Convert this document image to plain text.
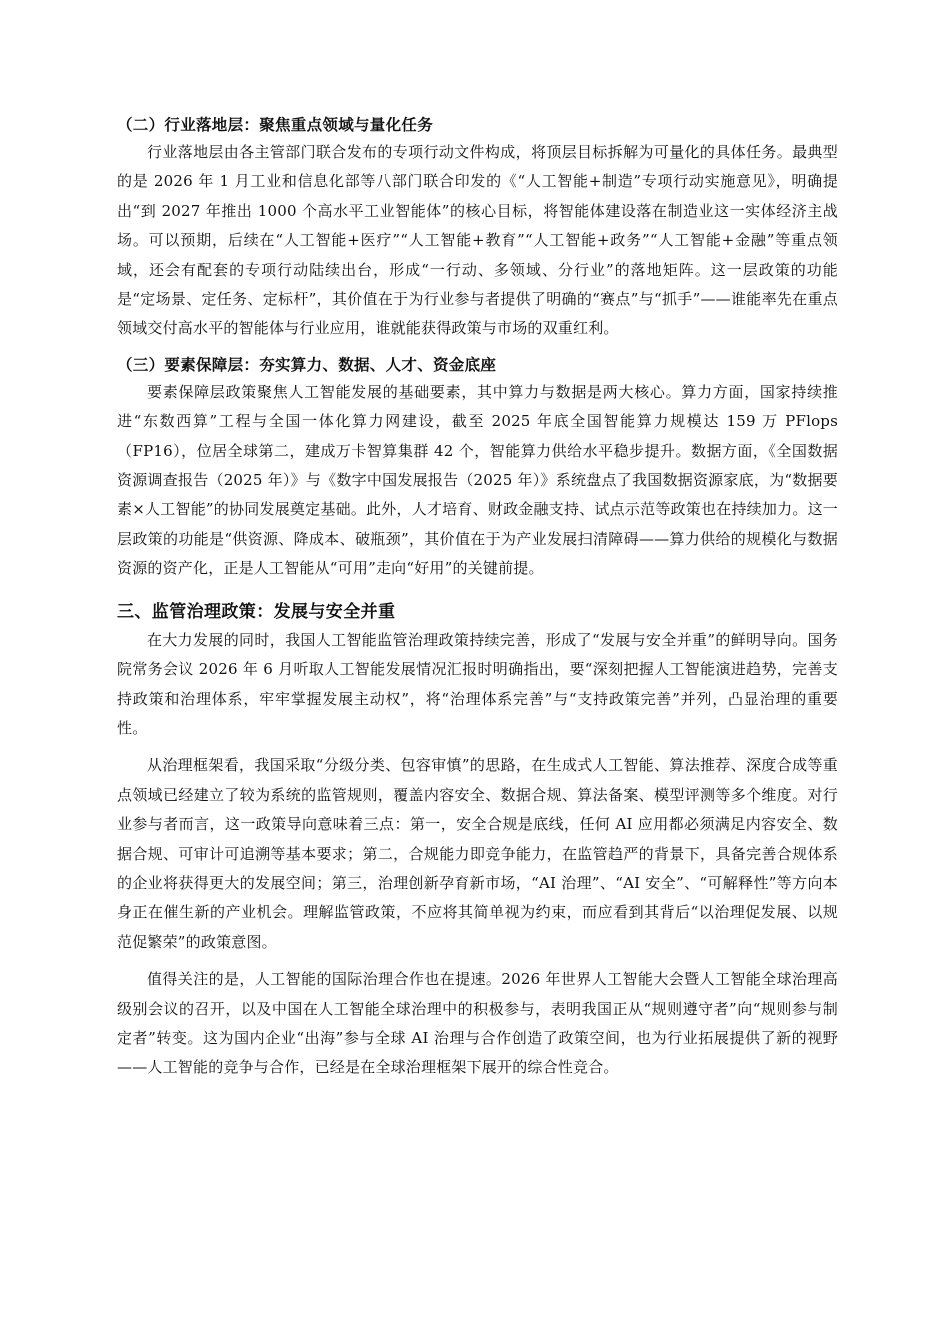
（二）行业落地层：聚焦重点领域与量化任务

行业落地层由各主管部门联合发布的专项行动文件构成，将顶层目标拆解为可量化的具体任务。最典型的是 2026 年 1 月工业和信息化部等八部门联合印发的《“人工智能+制造”专项行动实施意见》，明确提出“到 2027 年推出 1000 个高水平工业智能体”的核心目标，将智能体建设落在制造业这一实体经济主战场。可以预期，后续在“人工智能+医疗”“人工智能+教育”“人工智能+政务”“人工智能+金融”等重点领域，还会有配套的专项行动陆续出台，形成“一行动、多领域、分行业”的落地矩阵。这一层政策的功能是“定场景、定任务、定标杆”，其价值在于为行业参与者提供了明确的“赛点”与“抓手”——谁能率先在重点领域交付高水平的智能体与行业应用，谁就能获得政策与市场的双重红利。

（三）要素保障层：夯实算力、数据、人才、资金底座

要素保障层政策聚焦人工智能发展的基础要素，其中算力与数据是两大核心。算力方面，国家持续推进“东数西算”工程与全国一体化算力网建设，截至 2025 年底全国智能算力规模达 159 万 PFlops（FP16），位居全球第二，建成万卡智算集群 42 个，智能算力供给水平稳步提升。数据方面，《全国数据资源调查报告（2025 年）》与《数字中国发展报告（2025 年）》系统盘点了我国数据资源家底，为“数据要素×人工智能”的协同发展奠定基础。此外，人才培育、财政金融支持、试点示范等政策也在持续加力。这一层政策的功能是“供资源、降成本、破瓶颈”，其价值在于为产业发展扫清障碍——算力供给的规模化与数据资源的资产化，正是人工智能从“可用”走向“好用”的关键前提。

三、监管治理政策：发展与安全并重

在大力发展的同时，我国人工智能监管治理政策持续完善，形成了“发展与安全并重”的鲜明导向。国务院常务会议 2026 年 6 月听取人工智能发展情况汇报时明确指出，要“深刻把握人工智能演进趋势，完善支持政策和治理体系，牢牢掌握发展主动权”，将“治理体系完善”与“支持政策完善”并列，凸显治理的重要性。

从治理框架看，我国采取“分级分类、包容审慎”的思路，在生成式人工智能、算法推荐、深度合成等重点领域已经建立了较为系统的监管规则，覆盖内容安全、数据合规、算法备案、模型评测等多个维度。对行业参与者而言，这一政策导向意味着三点：第一，安全合规是底线，任何 AI 应用都必须满足内容安全、数据合规、可审计可追溯等基本要求；第二，合规能力即竞争能力，在监管趋严的背景下，具备完善合规体系的企业将获得更大的发展空间；第三，治理创新孕育新市场，“AI 治理”、“AI 安全”、“可解释性”等方向本身正在催生新的产业机会。理解监管政策，不应将其简单视为约束，而应看到其背后“以治理促发展、以规范促繁荣”的政策意图。

值得关注的是，人工智能的国际治理合作也在提速。2026 年世界人工智能大会暨人工智能全球治理高级别会议的召开，以及中国在人工智能全球治理中的积极参与，表明我国正从“规则遵守者”向“规则参与制定者”转变。这为国内企业“出海”参与全球 AI 治理与合作创造了政策空间，也为行业拓展提供了新的视野——人工智能的竞争与合作，已经是在全球治理框架下展开的综合性竞合。
